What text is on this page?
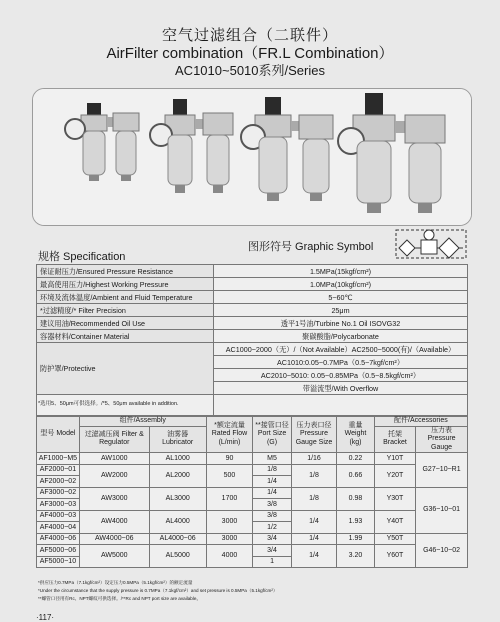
空气过滤组合（二联件）
AirFilter combination（FR.L Combination）
AC1010~5010系列/Series
规格 Specification
图形符号 Graphic Symbol
保证耐压力/Ensured Pressure Resistance	1.5MPa(15kgf/cm²)
最高使用压力/Highest Working Pressure	1.0MPa(10kgf/cm²)
环境及流体温度/Ambient and Fluid Temperature	5~60℃
*过滤精度/* Filter Precision	25μm
建议用油/Recommended Oil Use	透平1号油/Turbine No.1 Oil ISOVG32
容器材料/Container Material	聚碳酸脂/Polycarbonate
防护罩/Protective	AC1000~2000（无）/（Not Available）AC2500~5000(有)/（Available）
	AC1010:0.05~0.7MPa（0.5~7kgf/cm²）
	AC2010~5010: 0.05~0.85MPa（0.5~8.5kgf/cm²）
	带溢流型/With Overflow

*选用5、50μm可供选择。/*5、50μm available in addition.
型号 Model	组件/Assembly		*额定流量 Rated Flow (L/min)	**接管口径 Port Size (G)	压力表口径 Pressure Gauge Size	重量 Weight (kg)	配件/Accessories	
	过滤减压阀 Filter & Regulator	油雾器 Lubricator					托架 Bracket	压力表 Pressure Gauge
AF1000~M5	AW1000	AL1000	90	M5	1/16	0.22	Y10T	G27~10~R1
AF2000~01	AW2000	AL2000	500	1/8	1/8	0.66	Y20T	
AF2000~02				1/4				
AF3000~02	AW3000	AL3000	1700	1/4	1/8	0.98	Y30T	G36~10~01
AF3000~03				3/8				
AF4000~03	AW4000	AL4000	3000	3/8	1/4	1.93	Y40T	
AF4000~04				1/2				
AF4000~06	AW4000~06	AL4000~06	3000	3/4	1/4	1.99	Y50T	G46~10~02
AF5000~06	AW5000	AL5000	4000	3/4	1/4	3.20	Y60T	
AF5000~10				1				
*供应压力0.7MPa（7.1kgf/cm²）设定压力0.5MPa（5.1kgf/cm²）的额定流量
*Under the circumstance that the supply pressure is 0.7MPa（7.1kgf/cm²）and set pressure is 0.5MPa（5.1kgf/cm²）
**螺管口径用有Rc、NPT螺纹可供选择。/**Rc and NPT port size are available。
·117·
